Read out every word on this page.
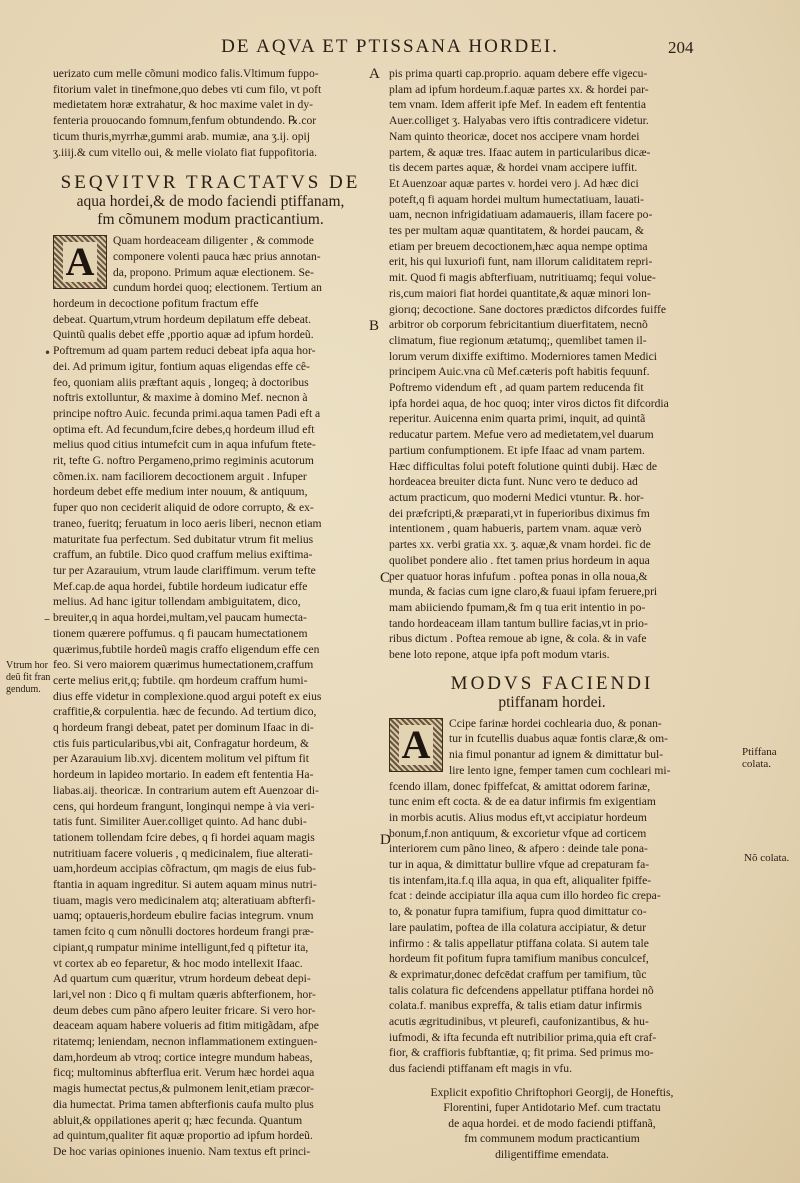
DE AQVA ET PTISSANA HORDEI.	204
A
B
C
D
Vtrum hor
deũ fit fran
gendum.
Ptiffana
colata.
Nõ colata.
•
–
uerizato cum melle cõmuni modico falis.Vltimum fuppo-
fitorium valet in tinefmone,quo debes vti cum filo, vt poft
medietatem horæ extrahatur, & hoc maxime valet in dy-
fenteria prouocando fomnum,fenfum obtundendo. ℞.cor
ticum thuris,myrrhæ,gummi arab. mumiæ, ana ʒ.ij. opij
ʒ.iiij.& cum vitello oui, & melle violato fiat fuppofitoria.
SEQVITVR TRACTATVS DE
aqua hordei,& de modo faciendi ptiffanam,
fm cõmunem modum practicantium.
A	Quam hordeaceam diligenter , & commode
componere volenti pauca hæc prius annotan-
da, propono. Primum aquæ electionem. Se-
cundum hordei quoq; electionem. Tertium an
hordeum in decoctione pofitum fractum effe
debeat. Quartum,vtrum hordeum depilatum effe debeat.
Quintũ qualis debet effe ,pportio aquæ ad ipfum hordeũ.
Poftremum ad quam partem reduci debeat ipfa aqua hor-
dei. Ad primum igitur, fontium aquas eligendas effe cê-
feo, quoniam aliis præftant aquis , longeq; à doctoribus
noftris extolluntur, & maxime à domino Mef. necnon à
principe noftro Auic. fecunda primi.aqua tamen Padi eft a
optima eft. Ad fecundum,fcire debes,q hordeum illud eft
melius quod citius intumefcit cum in aqua infufum ftete-
rit, tefte G. noftro Pergameno,primo regiminis acutorum
cõmen.ix. nam faciliorem decoctionem arguit . Infuper
hordeum debet effe medium inter nouum, & antiquum,
fuper quo non ceciderit aliquid de odore corrupto, & ex-
traneo, fueritq; feruatum in loco aeris liberi, necnon etiam
maturitate fua perfectum. Sed dubitatur vtrum fit melius
craffum, an fubtile. Dico quod craffum melius exiftima-
tur per Azarauium, vtrum laude clariffimum. verum tefte
Mef.cap.de aqua hordei, fubtile hordeum iudicatur effe
melius. Ad hanc igitur tollendam ambiguitatem, dico,
breuiter,q in aqua hordei,multam,vel paucam humecta-
tionem quærere poffumus. q fi paucam humectationem
quærimus,fubtile hordeũ magis craffo eligendum effe cen
feo. Si vero maiorem quærimus humectationem,craffum
certe melius erit,q; fubtile. qm hordeum craffum humi-
dius effe videtur in complexione.quod argui poteft ex eius
craffitie,& corpulentia. hæc de fecundo. Ad tertium dico,
q hordeum frangi debeat, patet per dominum Ifaac in di-
ctis fuis particularibus,vbi ait, Confragatur hordeum, &
per Azarauium lib.xvj. dicentem molitum vel piftum fit
hordeum in lapideo mortario. In eadem eft fententia Ha-
liabas.aij. theoricæ. In contrarium autem eft Auenzoar di-
cens, qui hordeum frangunt, longinqui nempe à via veri-
tatis funt. Similiter Auer.colliget quinto. Ad hanc dubi-
tationem tollendam fcire debes, q fi hordei aquam magis
nutritiuam facere volueris , q medicinalem, fiue alterati-
uam,hordeum accipias cõfractum, qm magis de eius fub-
ftantia in aquam ingreditur. Si autem aquam minus nutri-
tiuam, magis vero medicinalem atq; alteratiuam abfterfi-
uamq; optaueris,hordeum ebulire facias integrum. vnum
tamen fcito q cum nõnulli doctores hordeum frangi præ-
cipiant,q rumpatur minime intelligunt,fed q piftetur ita,
vt cortex ab eo feparetur, & hoc modo intellexit Ifaac.
Ad quartum cum quæritur, vtrum hordeum debeat depi-
lari,vel non : Dico q fi multam quæris abfterfionem, hor-
deum debes cum pãno afpero leuiter fricare. Si vero hor-
deaceam aquam habere volueris ad fitim mitigãdam, afpe
ritatemq; leniendam, necnon inflammationem extinguen-
dam,hordeum ab vtroq; cortice integre mundum habeas,
ficq; multominus abfterflua erit. Verum hæc hordei aqua
magis humectat pectus,& pulmonem lenit,etiam præcor-
dia humectat. Prima tamen abfterfionis caufa multo plus
abluit,& oppilationes aperit q; hæc fecunda. Quantum
ad quintum,qualiter fit aquæ proportio ad ipfum hordeũ.
De hoc varias opiniones inuenio. Nam textus eft princi-
pis prima quarti cap.proprio. aquam debere effe vigecu-
plam ad ipfum hordeum.f.aquæ partes xx. & hordei par-
tem vnam. Idem afferit ipfe Mef. In eadem eft fententia
Auer.colliget ʒ. Halyabas vero iftis contradicere videtur.
Nam quinto theoricæ, docet nos accipere vnam hordei
partem, & aquæ tres. Ifaac autem in particularibus dicæ-
tis decem partes aquæ, & hordei vnam accipere iuffit.
Et Auenzoar aquæ partes v. hordei vero j. Ad hæc dici
poteft,q fi aquam hordei multum humectatiuam, lauati-
uam, necnon infrigidatiuam adamaueris, illam facere po-
tes per multam aquæ quantitatem, & hordei paucam, &
etiam per breuem decoctionem,hæc aqua nempe optima
erit, his qui luxuriofi funt, nam illorum caliditatem repri-
mit. Quod fi magis abfterfiuam, nutritiuamq; fequi volue-
ris,cum maiori fiat hordei quantitate,& aquæ minori lon-
giorıq; decoctione. Sane doctores prædictos difcordes fuiffe
arbitror ob corporum febricitantium diuerfitatem, necnõ
climatum, fiue regionum ætatumq;, quemlibet tamen il-
lorum verum dixiffe exiftimo. Moderniores tamen Medici
principem Auic.vna cũ Mef.cæteris poft habitis fequunf.
Poftremo videndum eft , ad quam partem reducenda fit
ipfa hordei aqua, de hoc quoq; inter viros dictos fit difcordia
reperitur. Auicenna enim quarta primi, inquit, ad quintã
reducatur partem. Mefue vero ad medietatem,vel duarum
partium confumptionem. Et ipfe Ifaac ad vnam partem.
Hæc difficultas folui poteft folutione quinti dubij. Hæc de
hordeacea breuiter dicta funt. Nunc vero te deduco ad
actum practicum, quo moderni Medici vtuntur. ℞. hor-
dei præfcripti,& præparati,vt in fuperioribus diximus fm
intentionem , quam habueris, partem vnam. aquæ verò
partes xx. verbi gratia xx. ʒ. aquæ,& vnam hordei. fic de
quolibet pondere alio . ftet tamen prius hordeum in aqua
per quatuor horas infufum . poftea ponas in olla noua,&
munda, & facias cum igne claro,& fuaui ipfam feruere,pri
mam abiiciendo fpumam,& fm q tua erit intentio in po-
tando hordeaceam illam tantum bullire facias,vt in prio-
ribus dictum . Poftea remoue ab igne, & cola. & in vafe
bene loto repone, atque ipfa poft modum vtaris.
MODVS FACIENDI
ptiffanam hordei.
A	Ccipe farinæ hordei cochlearia duo, & ponan-
tur in fcutellis duabus aquæ fontis claræ,& om-
nia fimul ponantur ad ignem & dimittatur bul-
lire lento igne, femper tamen cum cochleari mi-
fcendo illam, donec fpiffefcat, & amittat odorem farinæ,
tunc enim eft cocta. & de ea datur infirmis fm exigentiam
in morbis acutis. Alius modus eft,vt accipiatur hordeum
bonum,f.non antiquum, & excorietur vfque ad corticem
interiorem cum pãno lineo, & afpero : deinde tale pona-
tur in aqua, & dimittatur bullire vfque ad crepaturam fa-
tis intenfam,ita.f.q illa aqua, in qua eft, aliqualiter fpiffe-
fcat : deinde accipiatur illa aqua cum illo hordeo fic crepa-
to, & ponatur fupra tamifium, fupra quod dimittatur co-
lare paulatim, poftea de illa colatura accipiatur, & detur
infirmo : & talis appellatur ptiffana colata. Si autem tale
hordeum fit pofitum fupra tamifium manibus conculcef,
& exprimatur,donec defcēdat craffum per tamifium, tũc
talis colatura fic defcendens appellatur ptiffana hordei nõ
colata.f. manibus expreffa, & talis etiam datur infirmis
acutis ægritudinibus, vt pleurefi, caufonizantibus, & hu-
iufmodi, & ifta fecunda eft nutribilior prima,quia eft craf-
fior, & craffioris fubftantiæ, q; fit prima. Sed primus mo-
dus faciendi ptiffanam eft magis in vfu.
Explicit expofitio Chriftophori Georgij, de Honeftis,
Florentini, fuper Antidotario Mef. cum tractatu
de aqua hordei. et de modo faciendi ptiffanã,
fm communem modum practicantium
diligentiffime emendata.
